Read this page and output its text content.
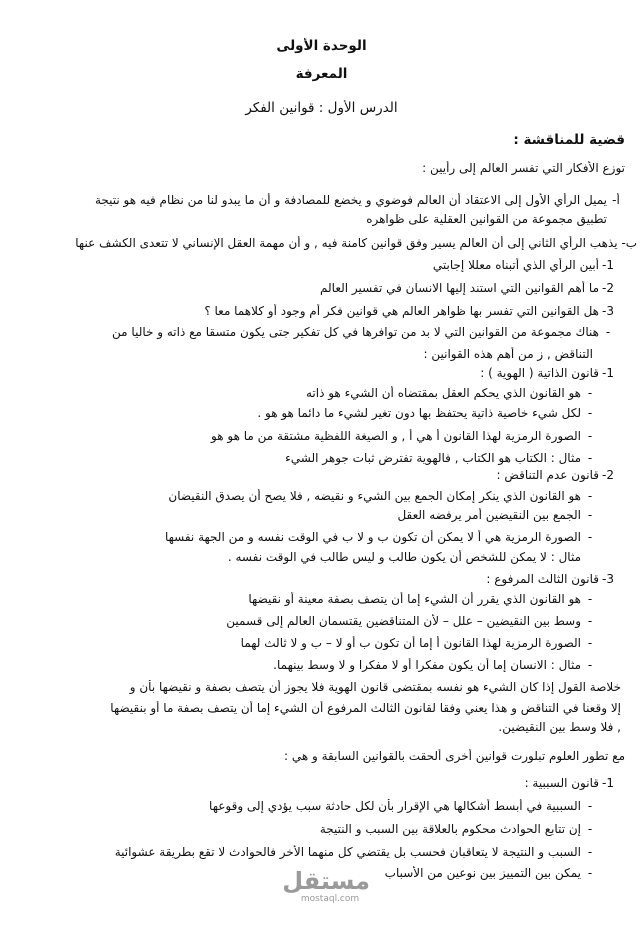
الوحدة الأولى
المعرفة
الدرس الأول : قوانين الفكر
قضية للمناقشة :
توزع الأفكار التي تفسر العالم إلى رأيين :
أ-
يميل الرأي الأول إلى الاعتقاد أن العالم فوضوي و يخضع للمصادفة و أن ما يبدو لنا من نظام فيه هو نتيجة
تطبيق مجموعة من القوانين العقلية على ظواهره
ب- يذهب الرأي الثاني إلى أن العالم يسير وفق قوانين كامنة فيه , و أن مهمة العقل الإنساني لا تتعدى الكشف عنها
1-
أبين الرأي الذي أتبناه معللا إجابتي
2-
ما أهم القوانين التي استند إليها الانسان في تفسير العالم
3-
هل القوانين التي تفسر بها ظواهر العالم هي قوانين فكر أم وجود أو كلاهما معا ؟
-
هناك مجموعة من القوانين التي لا بد من توافرها في كل تفكير جتى يكون متسقا مع ذاته و خاليا من
التناقض , ز من أهم هذه القوانين :
1-
قانون الذاتية ( الهوية ) :
-
هو القانون الذي يحكم العقل بمقتضاه أن الشيء هو ذاته
-
لكل شيء خاصية ذاتية يحتفظ بها دون تغير لشيء ما دائما هو هو .
-
الصورة الرمزية لهذا القانون أ هي أ , و الصيغة اللفظية مشتقة من ما هو هو
-
مثال : الكتاب هو الكتاب , فالهوية تفترض ثبات جوهر الشيء
2-
قانون عدم التناقض :
-
هو القانون الذي ينكر إمكان الجمع بين الشيء و نقيضه , فلا يصح أن يصدق النقيضان
-
الجمع بين النقيضين أمر يرفضه العقل
-
الصورة الرمزية هي أ لا يمكن أن تكون ب و لا ب في الوقت نفسه و من الجهة نفسها
مثال : لا يمكن للشخص أن يكون طالب و ليس طالب في الوقت نفسه .
3-
قانون الثالث المرفوع :
-
هو القانون الذي يقرر أن الشيء إما أن يتصف بصفة معينة أو نقيضها
-
وسط بين النقيضين – علل – لأن المتناقضين يقتسمان العالم إلى قسمين
-
الصورة الرمزية لهذا القانون أ إما أن تكون ب أو لا – ب و لا ثالث لهما
-
مثال : الانسان إما أن يكون مفكرا أو لا مفكرا و لا وسط بينهما.
خلاصة القول إذا كان الشيء هو نفسه بمقتضى قانون الهوية فلا يجوز أن يتصف بصفة و نقيضها بأن و
إلا وقعنا في التناقض و هذا يعني وفقا لقانون الثالث المرفوع أن الشيء إما أن يتصف بصفة ما أو بنقيضها
, فلا وسط بين النقيضين.
مع تطور العلوم تبلورت قوانين أخرى ألحقت بالقوانين السابقة و هي :
1-
قانون السببية :
-
السببية في أبسط أشكالها هي الإقرار بأن لكل حادثة سبب يؤدي إلى وقوعها
-
إن تتابع الحوادث محكوم بالعلاقة بين السبب و النتيجة
-
السبب و النتيجة لا يتعاقبان فحسب بل يقتضي كل منهما الأخر فالحوادث لا تقع بطريقة عشوائية
-
يمكن بين التمييز بين نوعين من الأسباب
مستقل
mostaql.com
